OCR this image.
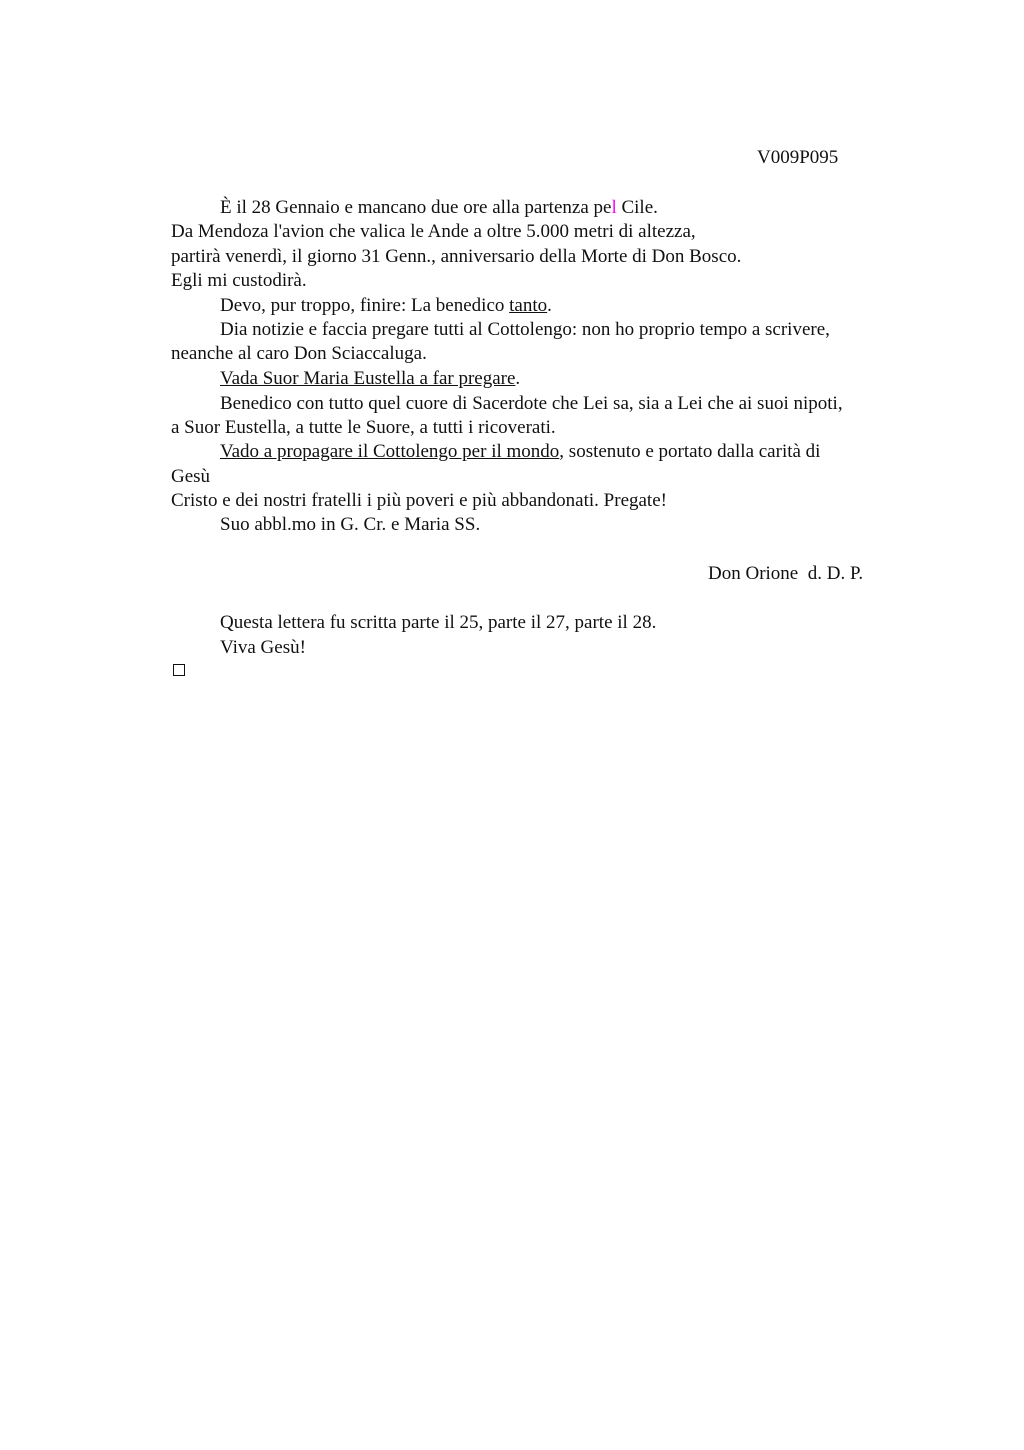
V009P095
È il 28 Gennaio e mancano due ore alla partenza pel Cile.
Da Mendoza l'avion che valica le Ande a oltre 5.000 metri di altezza,
partirà venerdì, il giorno 31 Genn., anniversario della Morte di Don Bosco.
Egli mi custodirà.
Devo, pur troppo, finire: La benedico tanto.
Dia notizie e faccia pregare tutti al Cottolengo: non ho proprio tempo a scrivere,
neanche al caro Don Sciaccaluga.
Vada Suor Maria Eustella a far pregare.
Benedico con tutto quel cuore di Sacerdote che Lei sa, sia a Lei che ai suoi nipoti,
a Suor Eustella, a tutte le Suore, a tutti i ricoverati.
Vado a propagare il Cottolengo per il mondo, sostenuto e portato dalla carità di
Gesù
Cristo e dei nostri fratelli i più poveri e più abbandonati. Pregate!
Suo abbl.mo in G. Cr. e Maria SS.
Don Orione  d. D. P.
Questa lettera fu scritta parte il 25, parte il 27, parte il 28.
Viva Gesù!
